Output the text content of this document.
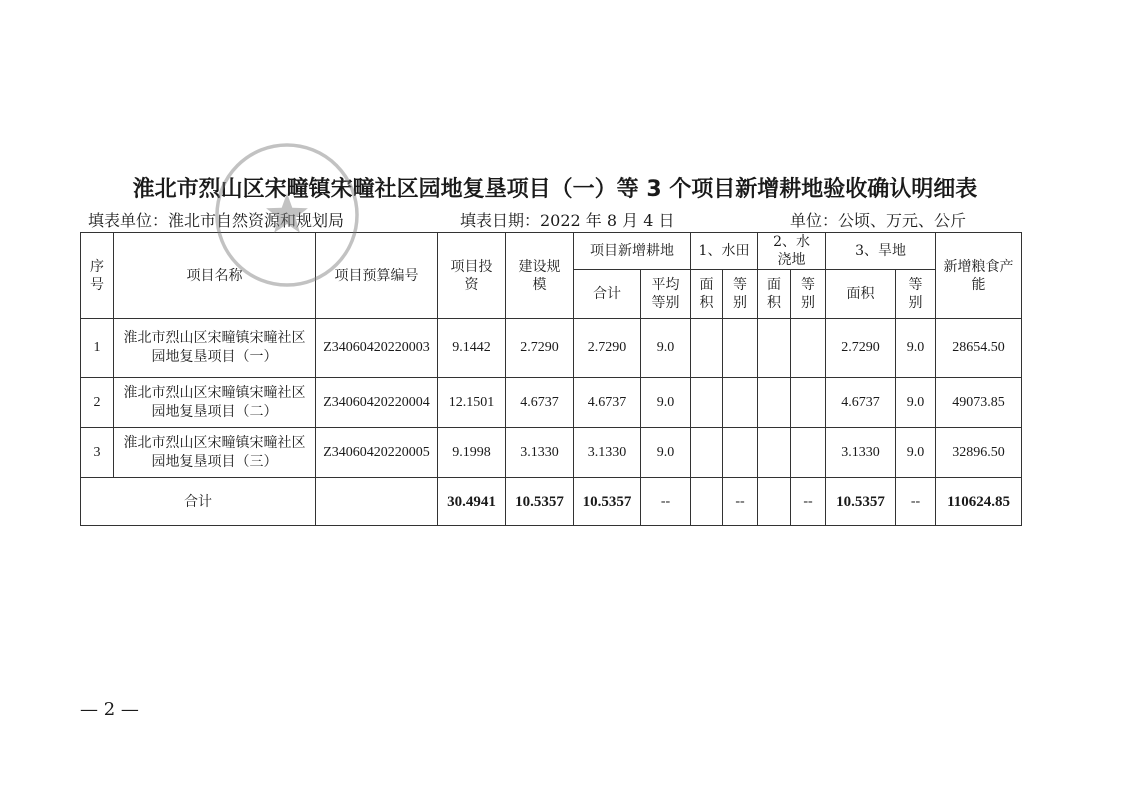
淮北市烈山区宋疃镇宋疃社区园地复垦项目（一）等 3 个项目新增耕地验收确认明细表
填表单位：淮北市自然资源和规划局	填表日期：2022 年 8 月 4 日	单位：公顷、万元、公斤
序号	项目名称	项目预算编号	项目投资	建设规模	项目新增耕地		1、水田		2、水浇地		3、旱地		新增粮食产能
					合计	平均等别	面积	等别	面积	等别	面积	等别	
1	淮北市烈山区宋疃镇宋疃社区园地复垦项目（一）	Z34060420220003	9.1442	2.7290	2.7290	9.0					2.7290	9.0	28654.50
2	淮北市烈山区宋疃镇宋疃社区园地复垦项目（二）	Z34060420220004	12.1501	4.6737	4.6737	9.0					4.6737	9.0	49073.85
3	淮北市烈山区宋疃镇宋疃社区园地复垦项目（三）	Z34060420220005	9.1998	3.1330	3.1330	9.0					3.1330	9.0	32896.50
合计			30.4941	10.5357	10.5357	--		--		--	10.5357	--	110624.85
— 2 —
